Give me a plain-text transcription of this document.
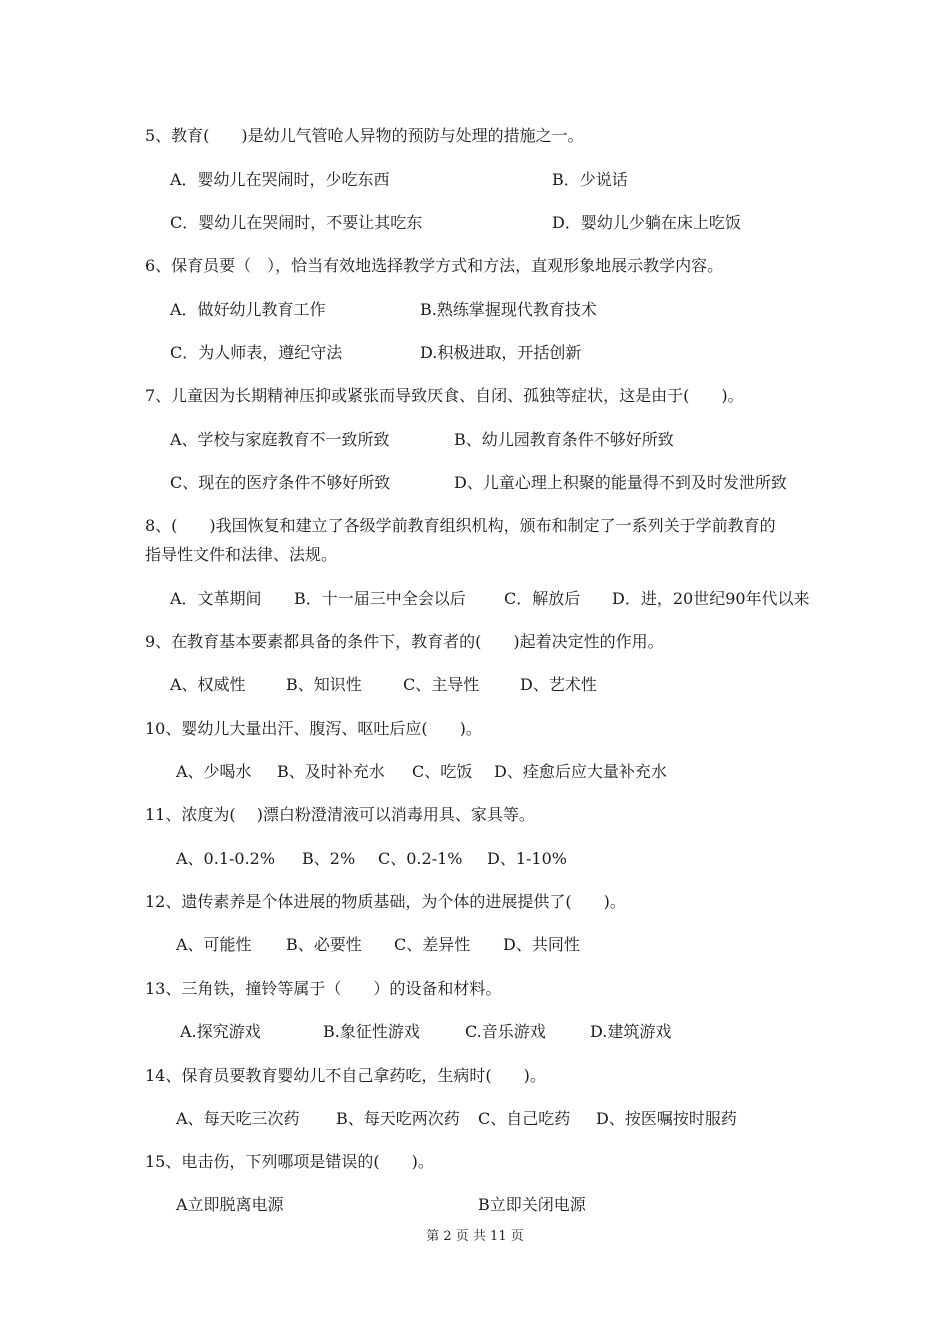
5、教育(　　)是幼儿气管呛人异物的预防与处理的措施之一。
A．婴幼儿在哭闹时，少吃东西	B．少说话
C．婴幼儿在哭闹时，不要让其吃东	D．婴幼儿少躺在床上吃饭
6、保育员要（　），恰当有效地选择教学方式和方法，直观形象地展示教学内容。
A．做好幼儿教育工作	B.熟练掌握现代教育技术
C．为人师表，遵纪守法	D.积极进取，开括创新
7、儿童因为长期精神压抑或紧张而导致厌食、自闭、孤独等症状，这是由于(　　)。
A、学校与家庭教育不一致所致	B、幼儿园教育条件不够好所致
C、现在的医疗条件不够好所致	D、儿童心理上积聚的能量得不到及时发泄所致
8、(　　)我国恢复和建立了各级学前教育组织机构，颁布和制定了一系列关于学前教育的
指导性文件和法律、法规。
A．文革期间 B．十一届三中全会以后 C．解放后 D．进，20世纪90年代以来
9、在教育基本要素都具备的条件下，教育者的(　　)起着决定性的作用。
A、权威性	B、知识性	C、主导性	D、艺术性
10、婴幼儿大量出汗、腹泻、呕吐后应(　　)。
A、少喝水 B、及时补充水 C、吃饭 D、痊愈后应大量补充水
11、浓度为(　 )漂白粉澄清液可以消毒用具、家具等。
A、0.1-0.2% B、2% C、0.2-1% D、1-10%
12、遗传素养是个体进展的物质基础，为个体的进展提供了(　　)。
A、可能性 B、必要性 C、差异性 D、共同性
13、三角铁，撞铃等属于（　　）的设备和材料。
A.探究游戏	B.象征性游戏	C.音乐游戏	D.建筑游戏
14、保育员要教育婴幼儿不自己拿药吃，生病时(　　)。
A、每天吃三次药 B、每天吃两次药 C、自己吃药 D、按医嘱按时服药
15、电击伤，下列哪项是错误的(　　)。
A立即脱离电源	B立即关闭电源
第 2 页 共 11 页
